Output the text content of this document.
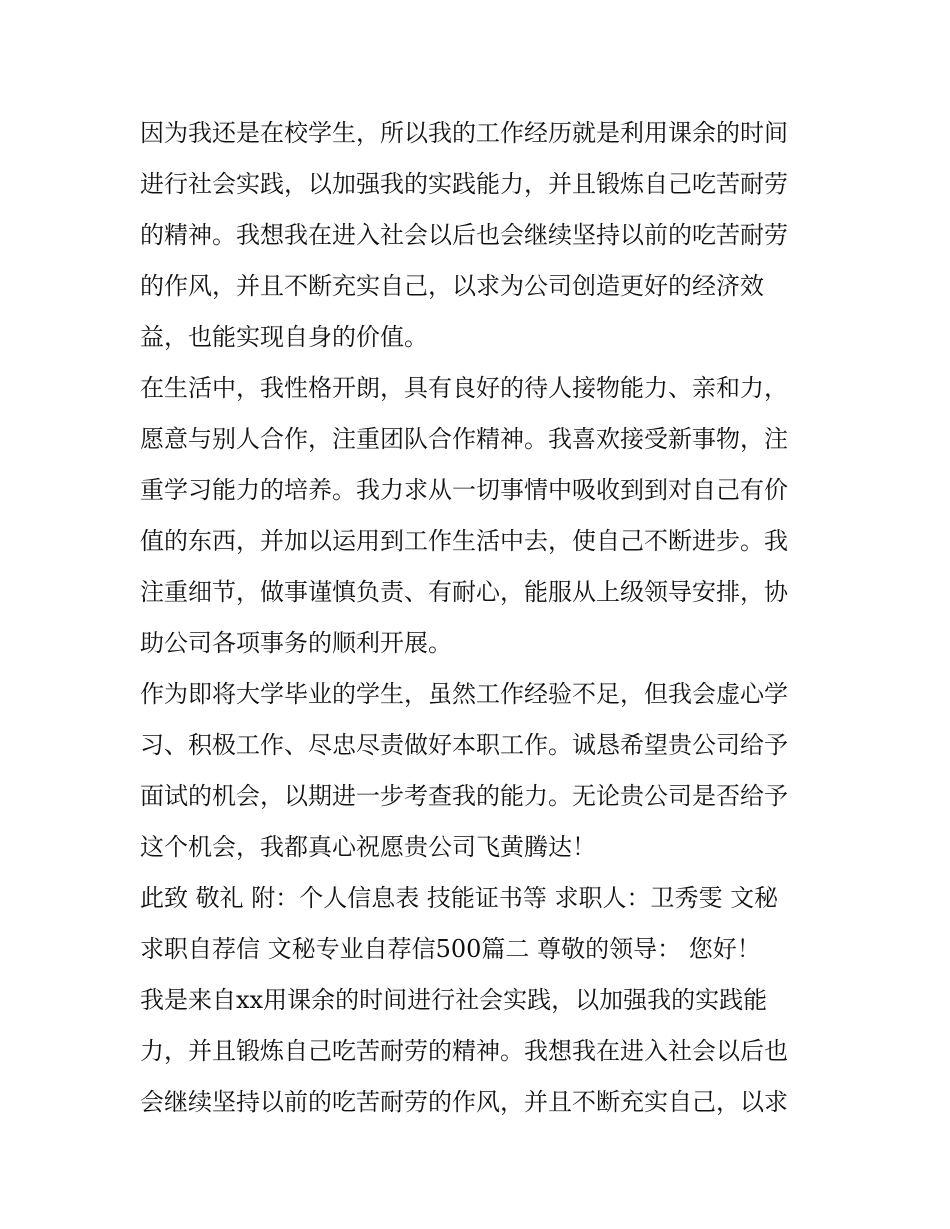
因为我还是在校学生，所以我的工作经历就是利用课余的时间
进行社会实践，以加强我的实践能力，并且锻炼自己吃苦耐劳
的精神。我想我在进入社会以后也会继续坚持以前的吃苦耐劳
的作风，并且不断充实自己，以求为公司创造更好的经济效
益，也能实现自身的价值。
在生活中，我性格开朗，具有良好的待人接物能力、亲和力，
愿意与别人合作，注重团队合作精神。我喜欢接受新事物，注
重学习能力的培养。我力求从一切事情中吸收到到对自己有价
值的东西，并加以运用到工作生活中去，使自己不断进步。我
注重细节，做事谨慎负责、有耐心，能服从上级领导安排，协
助公司各项事务的顺利开展。
作为即将大学毕业的学生，虽然工作经验不足，但我会虚心学
习、积极工作、尽忠尽责做好本职工作。诚恳希望贵公司给予
面试的机会，以期进一步考查我的能力。无论贵公司是否给予
这个机会，我都真心祝愿贵公司飞黄腾达！
此致 敬礼 附：个人信息表 技能证书等 求职人：卫秀雯 文秘
求职自荐信 文秘专业自荐信500篇二 尊敬的领导： 您好！
我是来自xx用课余的时间进行社会实践，以加强我的实践能
力，并且锻炼自己吃苦耐劳的精神。我想我在进入社会以后也
会继续坚持以前的吃苦耐劳的作风，并且不断充实自己，以求
